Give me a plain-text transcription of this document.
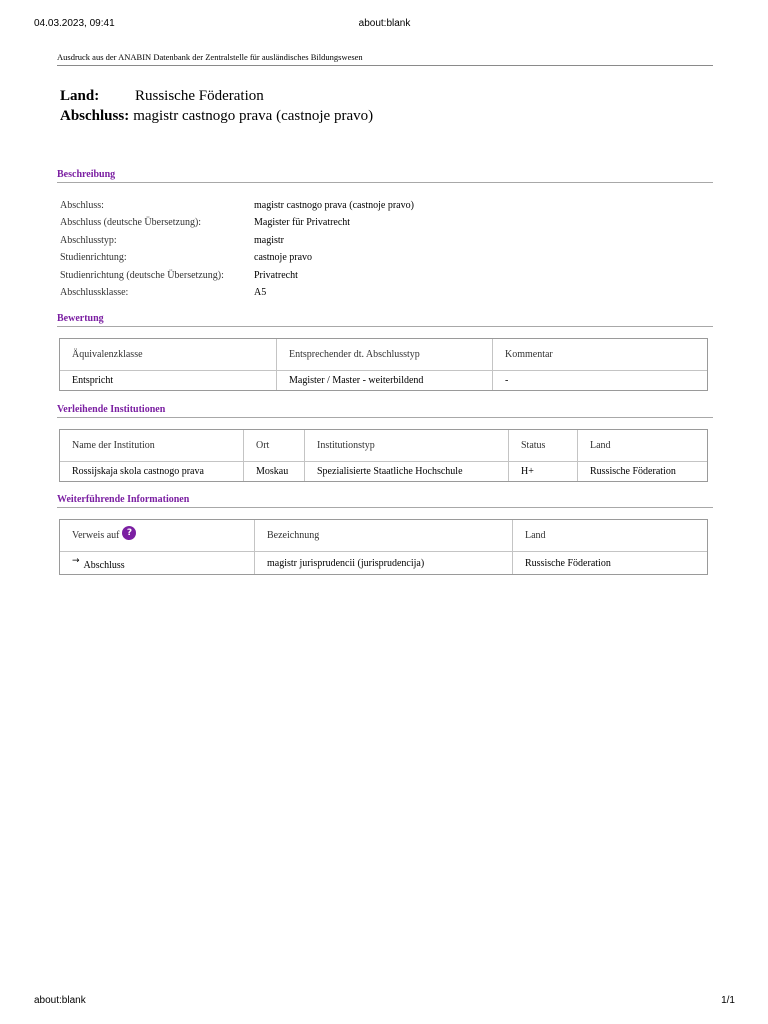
04.03.2023, 09:41	about:blank
Ausdruck aus der ANABIN Datenbank der Zentralstelle für ausländisches Bildungswesen
Land:	Russische Föderation
Abschluss: magistr castnogo prava (castnoje pravo)
Beschreibung
Abschluss:	magistr castnogo prava (castnoje pravo)
Abschluss (deutsche Übersetzung):	Magister für Privatrecht
Abschlusstyp:	magistr
Studienrichtung:	castnoje pravo
Studienrichtung (deutsche Übersetzung):	Privatrecht
Abschlussklasse:	A5
Bewertung
Äquivalenzklasse	Entsprechender dt. Abschlusstyp	Kommentar
Entspricht	Magister / Master - weiterbildend	-
Verleihende Institutionen
Name der Institution	Ort	Institutionstyp	Status	Land
Rossijskaja skola castnogo prava	Moskau	Spezialisierte Staatliche Hochschule	H+	Russische Föderation
Weiterführende Informationen
Verweis auf ?	Bezeichnung	Land
→ Abschluss	magistr jurisprudencii (jurisprudencija)	Russische Föderation
about:blank	1/1
